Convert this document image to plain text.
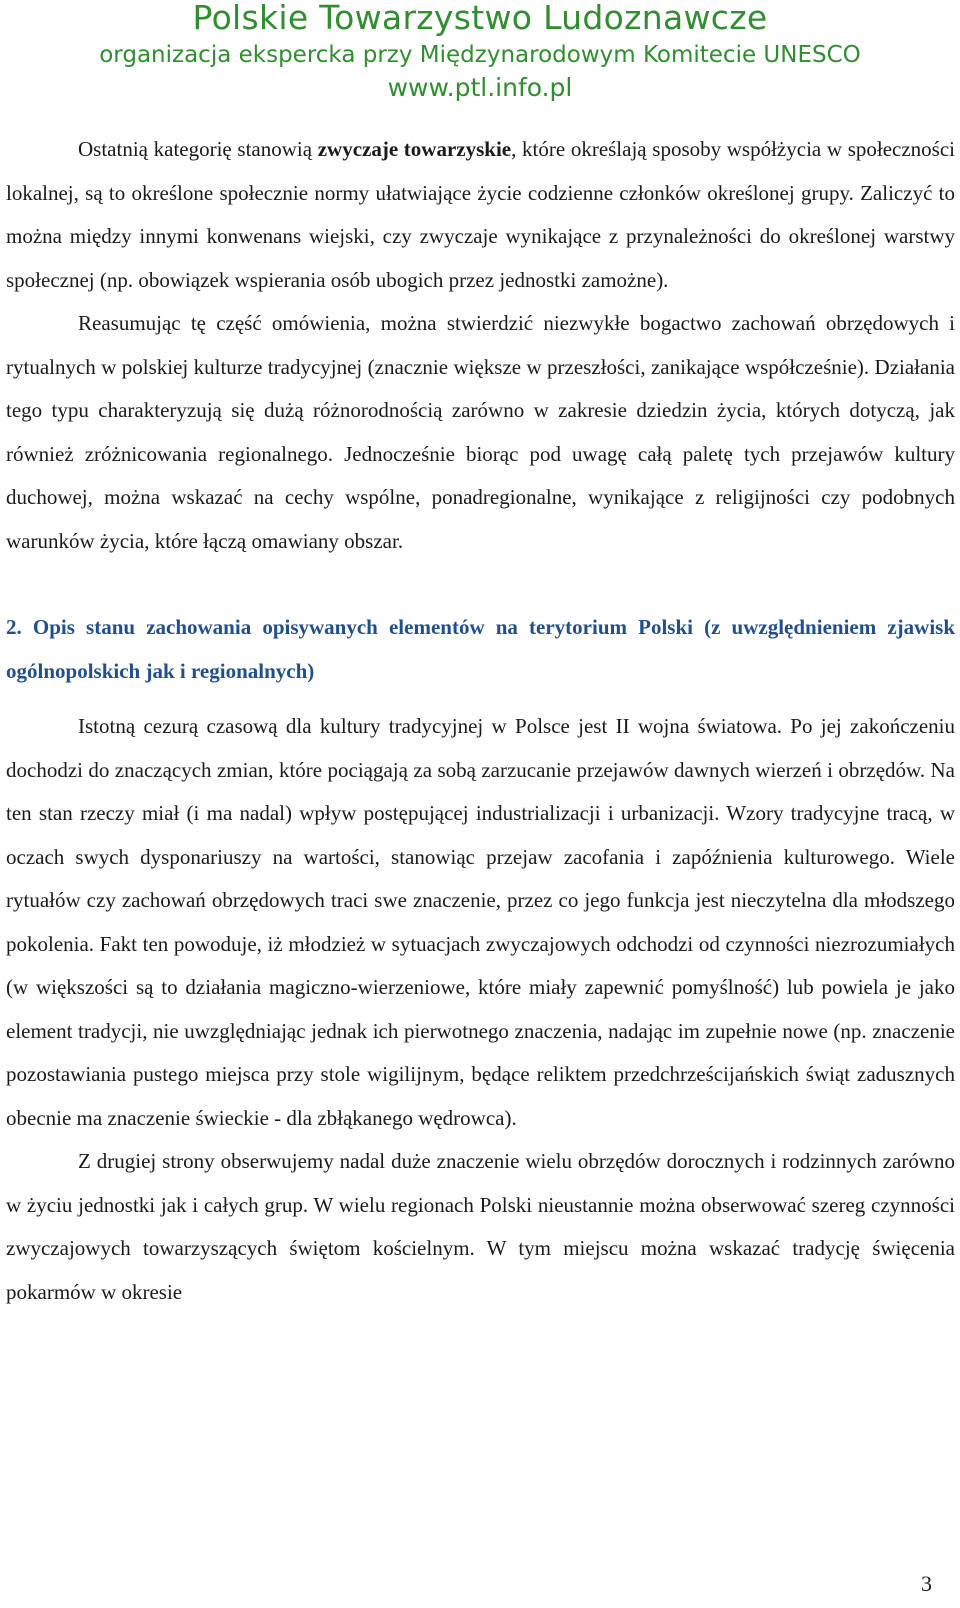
Polskie Towarzystwo Ludoznawcze
organizacja ekspercka przy Międzynarodowym Komitecie UNESCO
www.ptl.info.pl

Ostatnią kategorię stanowią zwyczaje towarzyskie, które określają sposoby współżycia w społeczności lokalnej, są to określone społecznie normy ułatwiające życie codzienne członków określonej grupy. Zaliczyć to można między innymi konwenans wiejski, czy zwyczaje wynikające z przynależności do określonej warstwy społecznej (np. obowiązek wspierania osób ubogich przez jednostki zamożne).

Reasumując tę część omówienia, można stwierdzić niezwykłe bogactwo zachowań obrzędowych i rytualnych w polskiej kulturze tradycyjnej (znacznie większe w przeszłości, zanikające współcześnie). Działania tego typu charakteryzują się dużą różnorodnością zarówno w zakresie dziedzin życia, których dotyczą, jak również zróżnicowania regionalnego. Jednocześnie biorąc pod uwagę całą paletę tych przejawów kultury duchowej, można wskazać na cechy wspólne, ponadregionalne, wynikające z religijności czy podobnych warunków życia, które łączą omawiany obszar.

2. Opis stanu zachowania opisywanych elementów na terytorium Polski (z uwzględnieniem zjawisk ogólnopolskich jak i regionalnych)

Istotną cezurą czasową dla kultury tradycyjnej w Polsce jest II wojna światowa. Po jej zakończeniu dochodzi do znaczących zmian, które pociągają za sobą zarzucanie przejawów dawnych wierzeń i obrzędów. Na ten stan rzeczy miał (i ma nadal) wpływ postępującej industrializacji i urbanizacji. Wzory tradycyjne tracą, w oczach swych dysponariuszy na wartości, stanowiąc przejaw zacofania i zapóźnienia kulturowego. Wiele rytuałów czy zachowań obrzędowych traci swe znaczenie, przez co jego funkcja jest nieczytelna dla młodszego pokolenia. Fakt ten powoduje, iż młodzież w sytuacjach zwyczajowych odchodzi od czynności niezrozumiałych (w większości są to działania magiczno-wierzeniowe, które miały zapewnić pomyślność) lub powiela je jako element tradycji, nie uwzględniając jednak ich pierwotnego znaczenia, nadając im zupełnie nowe (np. znaczenie pozostawiania pustego miejsca przy stole wigilijnym, będące reliktem przedchrześcijańskich świąt zadusznych obecnie ma znaczenie świeckie - dla zbłąkanego wędrowca).

Z drugiej strony obserwujemy nadal duże znaczenie wielu obrzędów dorocznych i rodzinnych zarówno w życiu jednostki jak i całych grup. W wielu regionach Polski nieustannie można obserwować szereg czynności zwyczajowych towarzyszących świętom kościelnym. W tym miejscu można wskazać tradycję święcenia pokarmów w okresie

3
